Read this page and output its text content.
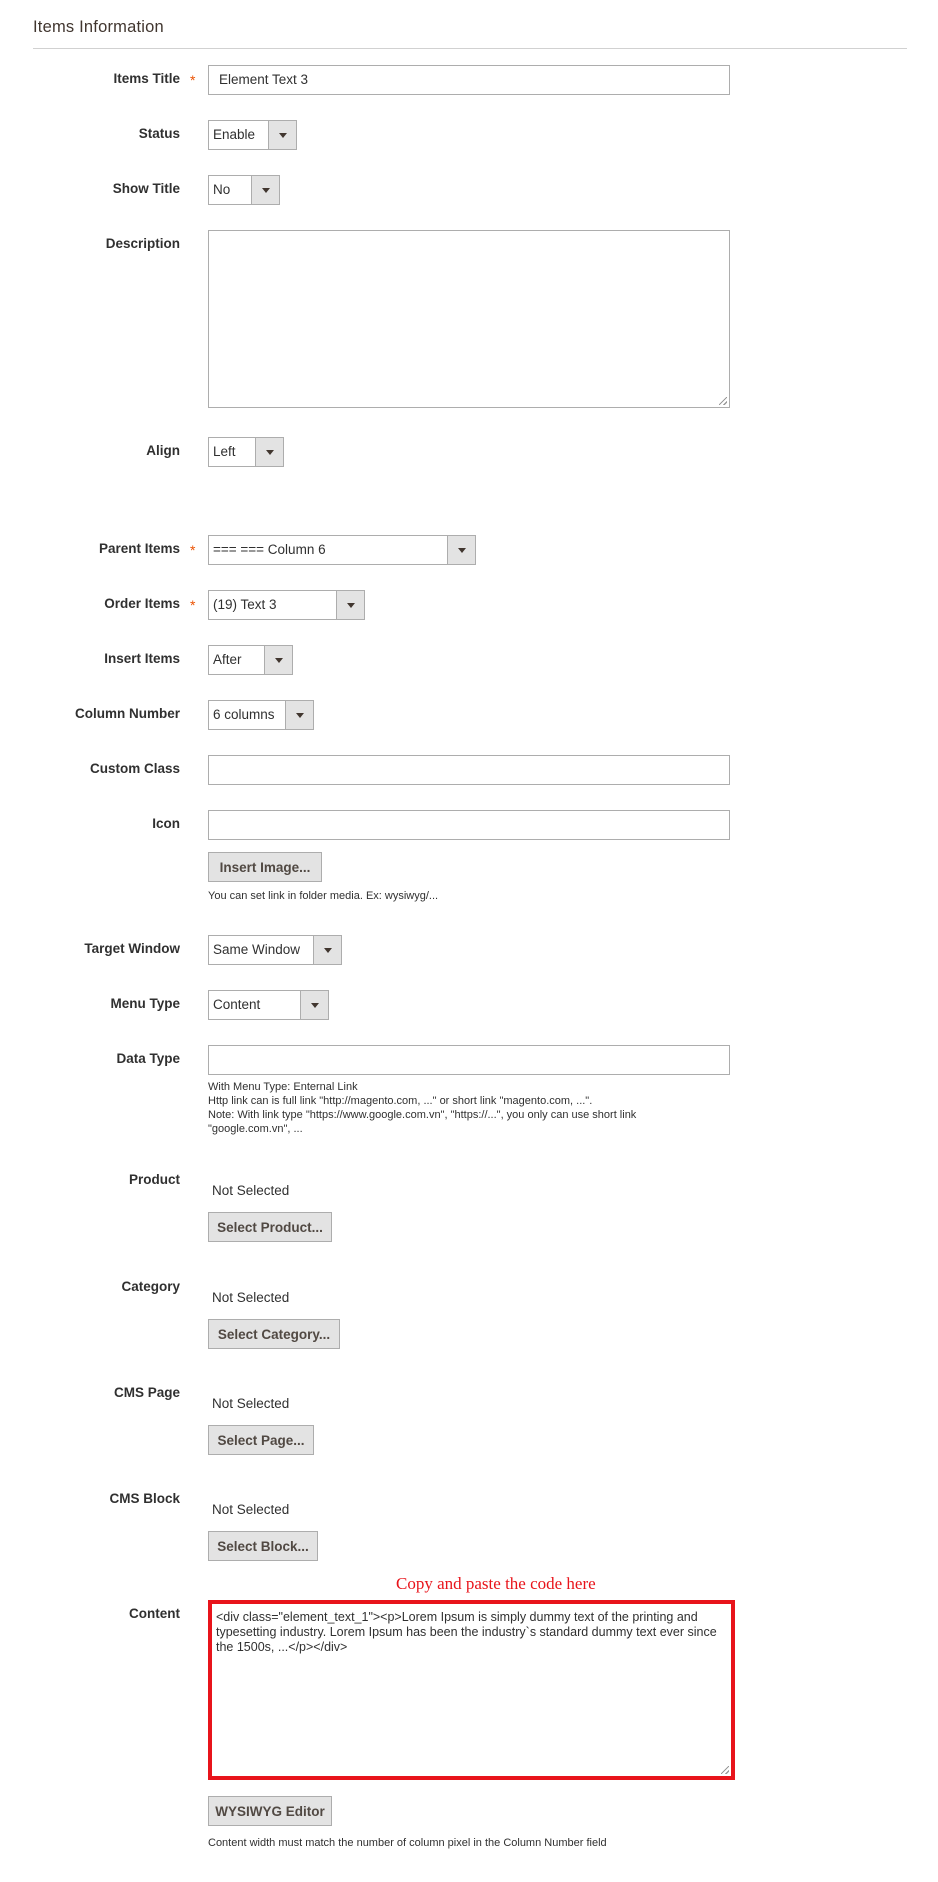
Items Information
Items Title *	Element Text 3
Status Enable
Show Title No
Description
Align Left
Parent Items * === === Column 6
Order Items * (19) Text 3
Insert Items After
Column Number 6 columns
Custom Class
Icon
Insert Image...
You can set link in folder media. Ex: wysiwyg/...
Target Window Same Window
Menu Type Content
Data Type
With Menu Type: Enternal Link
Http link can is full link "http://magento.com, ..." or short link "magento.com, ...".
Note: With link type "https://www.google.com.vn", "https://...", you only can use short link
"google.com.vn", ...
Product
Not Selected
Select Product...
Category
Not Selected
Select Category...
CMS Page
Not Selected
Select Page...
CMS Block
Not Selected
Select Block...
Copy and paste the code here
Content	<div class="element_text_1"><p>Lorem Ipsum is simply dummy text of the printing and typesetting industry. Lorem Ipsum has been the industry`s standard dummy text ever since the 1500s, ...</p></div>
WYSIWYG Editor
Content width must match the number of column pixel in the Column Number field
